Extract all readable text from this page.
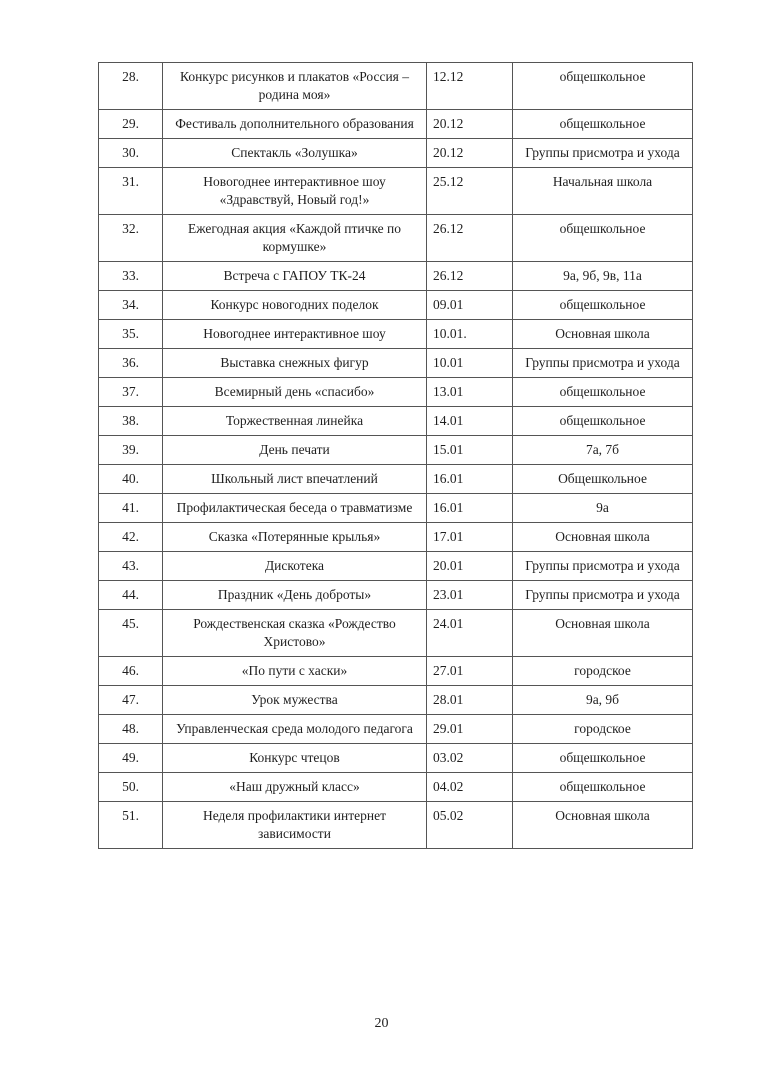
28.	Конкурс рисунков и плакатов «Россия – родина моя»	12.12	общешкольное
29.	Фестиваль дополнительного образования	20.12	общешкольное
30.	Спектакль «Золушка»	20.12	Группы присмотра и ухода
31.	Новогоднее интерактивное шоу «Здравствуй, Новый год!»	25.12	Начальная школа
32.	Ежегодная акция «Каждой птичке по кормушке»	26.12	общешкольное
33.	Встреча с ГАПОУ ТК-24	26.12	9а, 9б, 9в, 11а
34.	Конкурс новогодних поделок	09.01	общешкольное
35.	Новогоднее интерактивное шоу	10.01.	Основная школа
36.	Выставка снежных фигур	10.01	Группы присмотра и ухода
37.	Всемирный день «спасибо»	13.01	общешкольное
38.	Торжественная линейка	14.01	общешкольное
39.	День печати	15.01	7а, 7б
40.	Школьный лист впечатлений	16.01	Общешкольное
41.	Профилактическая беседа о травматизме	16.01	9а
42.	Сказка «Потерянные крылья»	17.01	Основная школа
43.	Дискотека	20.01	Группы присмотра и ухода
44.	Праздник «День доброты»	23.01	Группы присмотра и ухода
45.	Рождественская сказка «Рождество Христово»	24.01	Основная школа
46.	«По пути с хаски»	27.01	городское
47.	Урок мужества	28.01	9а, 9б
48.	Управленческая среда молодого педагога	29.01	городское
49.	Конкурс чтецов	03.02	общешкольное
50.	«Наш дружный класс»	04.02	общешкольное
51.	Неделя профилактики интернет зависимости	05.02	Основная школа
20
